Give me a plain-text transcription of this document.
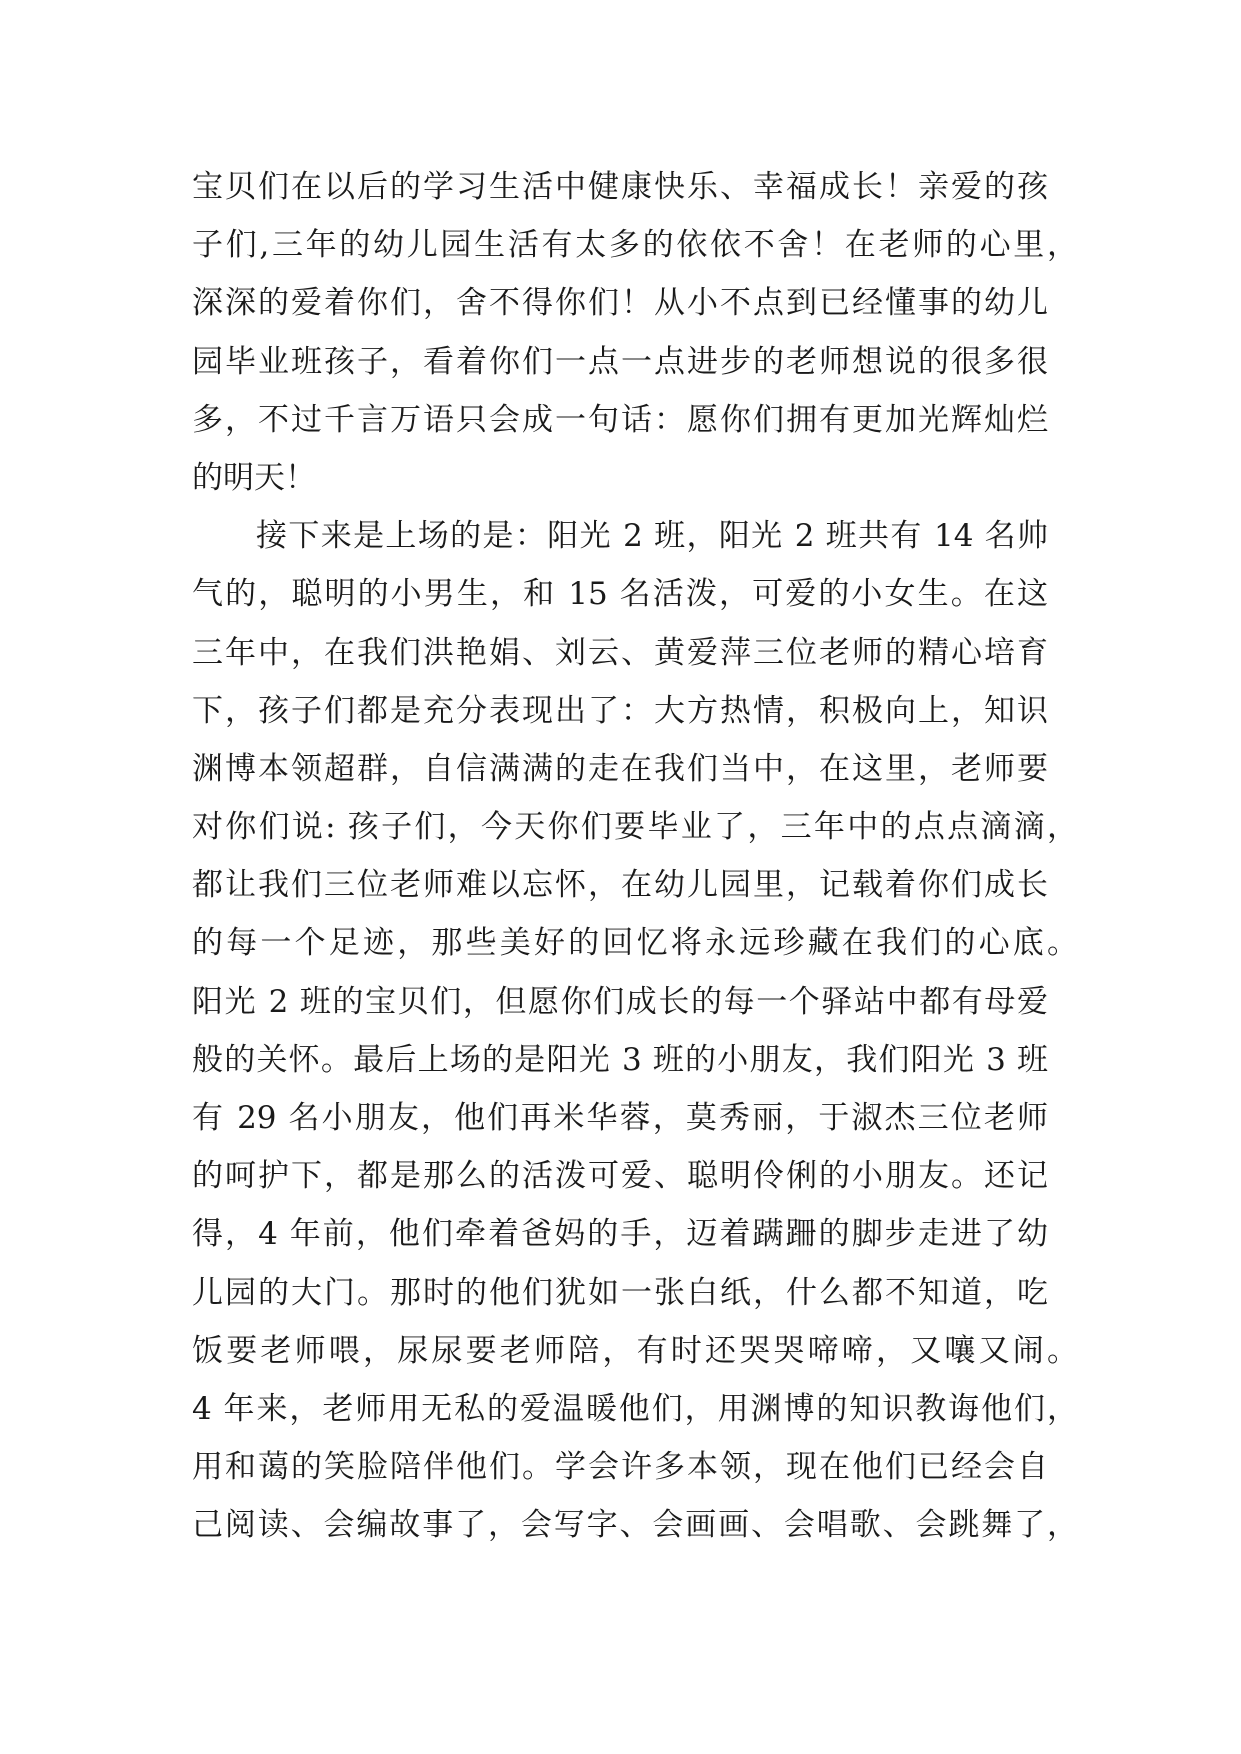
宝贝们在以后的学习生活中健康快乐、幸福成长！亲爱的孩
子们,三年的幼儿园生活有太多的依依不舍！在老师的心里，
深深的爱着你们，舍不得你们！从小不点到已经懂事的幼儿
园毕业班孩子，看着你们一点一点进步的老师想说的很多很
多，不过千言万语只会成一句话：愿你们拥有更加光辉灿烂
的明天！
接下来是上场的是：阳光 2 班，阳光 2 班共有 14 名帅
气的，聪明的小男生，和 15 名活泼，可爱的小女生。在这
三年中，在我们洪艳娟、刘云、黄爱萍三位老师的精心培育
下，孩子们都是充分表现出了：大方热情，积极向上，知识
渊博本领超群，自信满满的走在我们当中，在这里，老师要
对你们说: 孩子们，今天你们要毕业了，三年中的点点滴滴，
都让我们三位老师难以忘怀，在幼儿园里，记载着你们成长
的每一个足迹，那些美好的回忆将永远珍藏在我们的心底。
阳光 2 班的宝贝们，但愿你们成长的每一个驿站中都有母爱
般的关怀。最后上场的是阳光 3 班的小朋友，我们阳光 3 班
有 29 名小朋友，他们再米华蓉，莫秀丽，于淑杰三位老师
的呵护下，都是那么的活泼可爱、聪明伶俐的小朋友。还记
得，4 年前，他们牵着爸妈的手，迈着蹒跚的脚步走进了幼
儿园的大门。那时的他们犹如一张白纸，什么都不知道，吃
饭要老师喂，尿尿要老师陪，有时还哭哭啼啼，又嚷又闹。
4 年来，老师用无私的爱温暖他们，用渊博的知识教诲他们，
用和蔼的笑脸陪伴他们。学会许多本领，现在他们已经会自
己阅读、会编故事了，会写字、会画画、会唱歌、会跳舞了，
